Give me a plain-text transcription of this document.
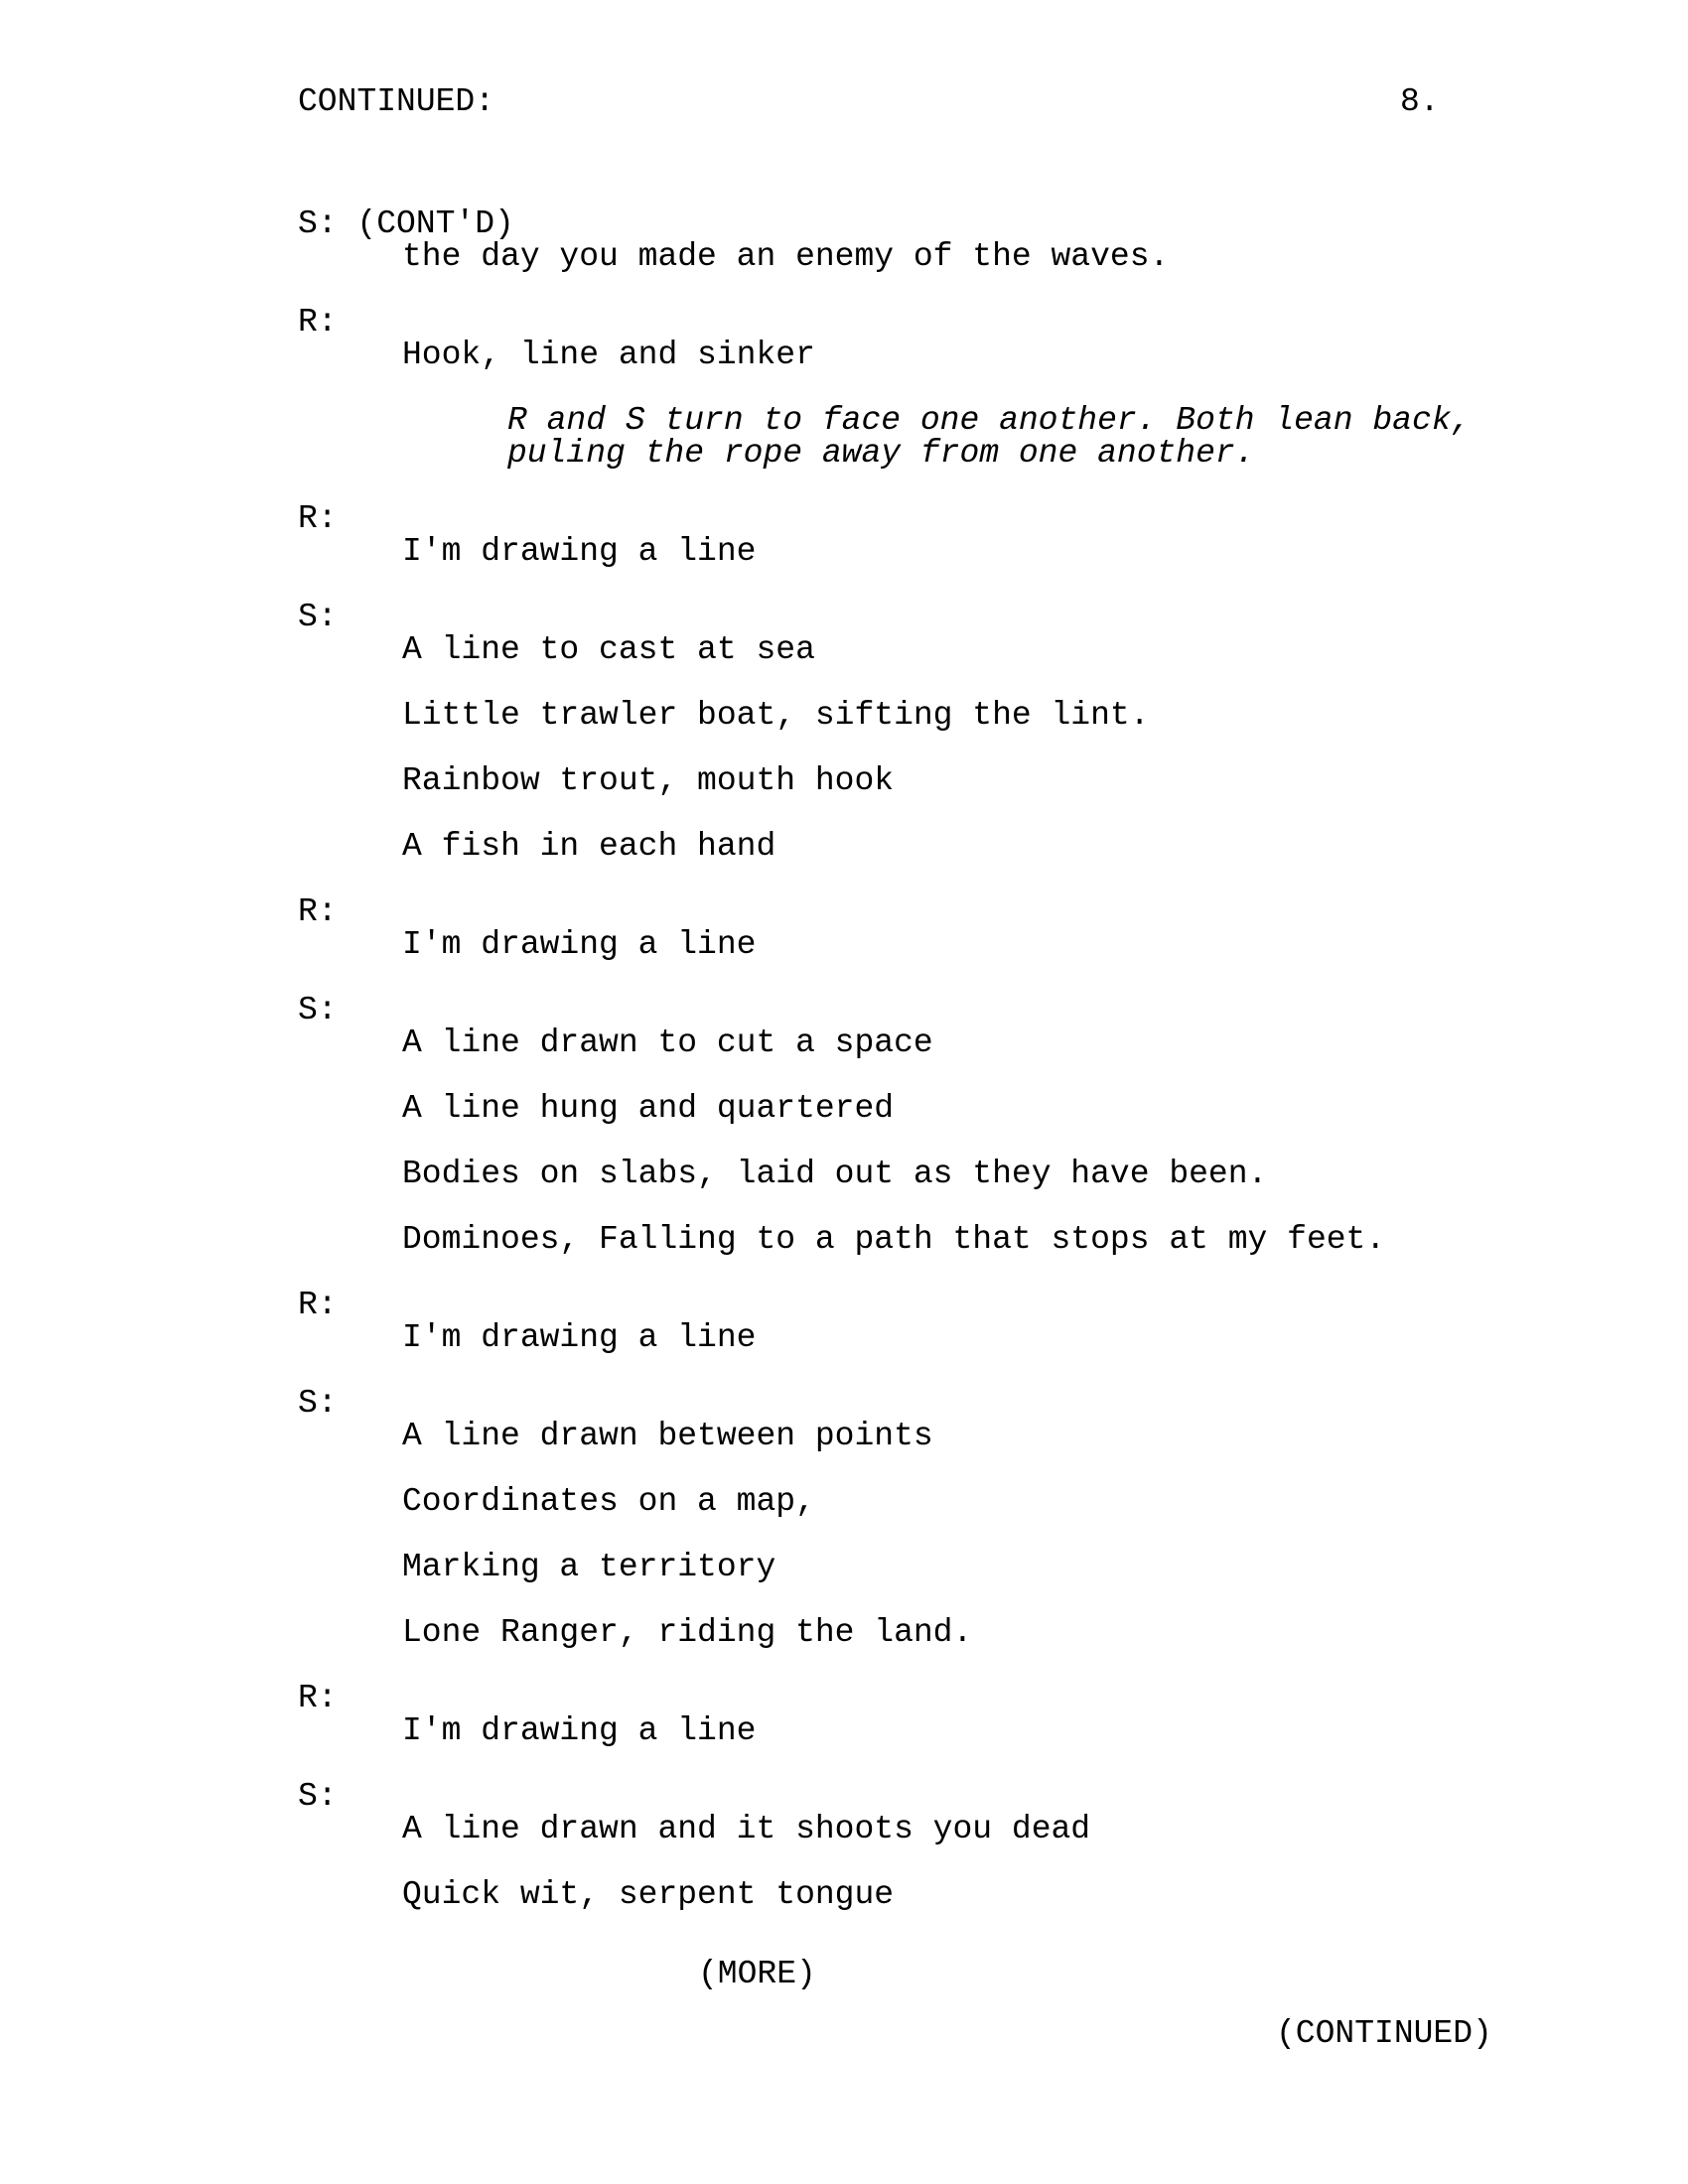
CONTINUED:	8.
S: (CONT'D)
the day you made an enemy of the waves.
R:
Hook, line and sinker
R and S turn to face one another. Both lean back,
puling the rope away from one another.
R:
I'm drawing a line
S:
A line to cast at sea
Little trawler boat, sifting the lint.
Rainbow trout, mouth hook
A fish in each hand
R:
I'm drawing a line
S:
A line drawn to cut a space
A line hung and quartered
Bodies on slabs, laid out as they have been.
Dominoes, Falling to a path that stops at my feet.
R:
I'm drawing a line
S:
A line drawn between points
Coordinates on a map,
Marking a territory
Lone Ranger, riding the land.
R:
I'm drawing a line
S:
A line drawn and it shoots you dead
Quick wit, serpent tongue
(MORE)
(CONTINUED)
